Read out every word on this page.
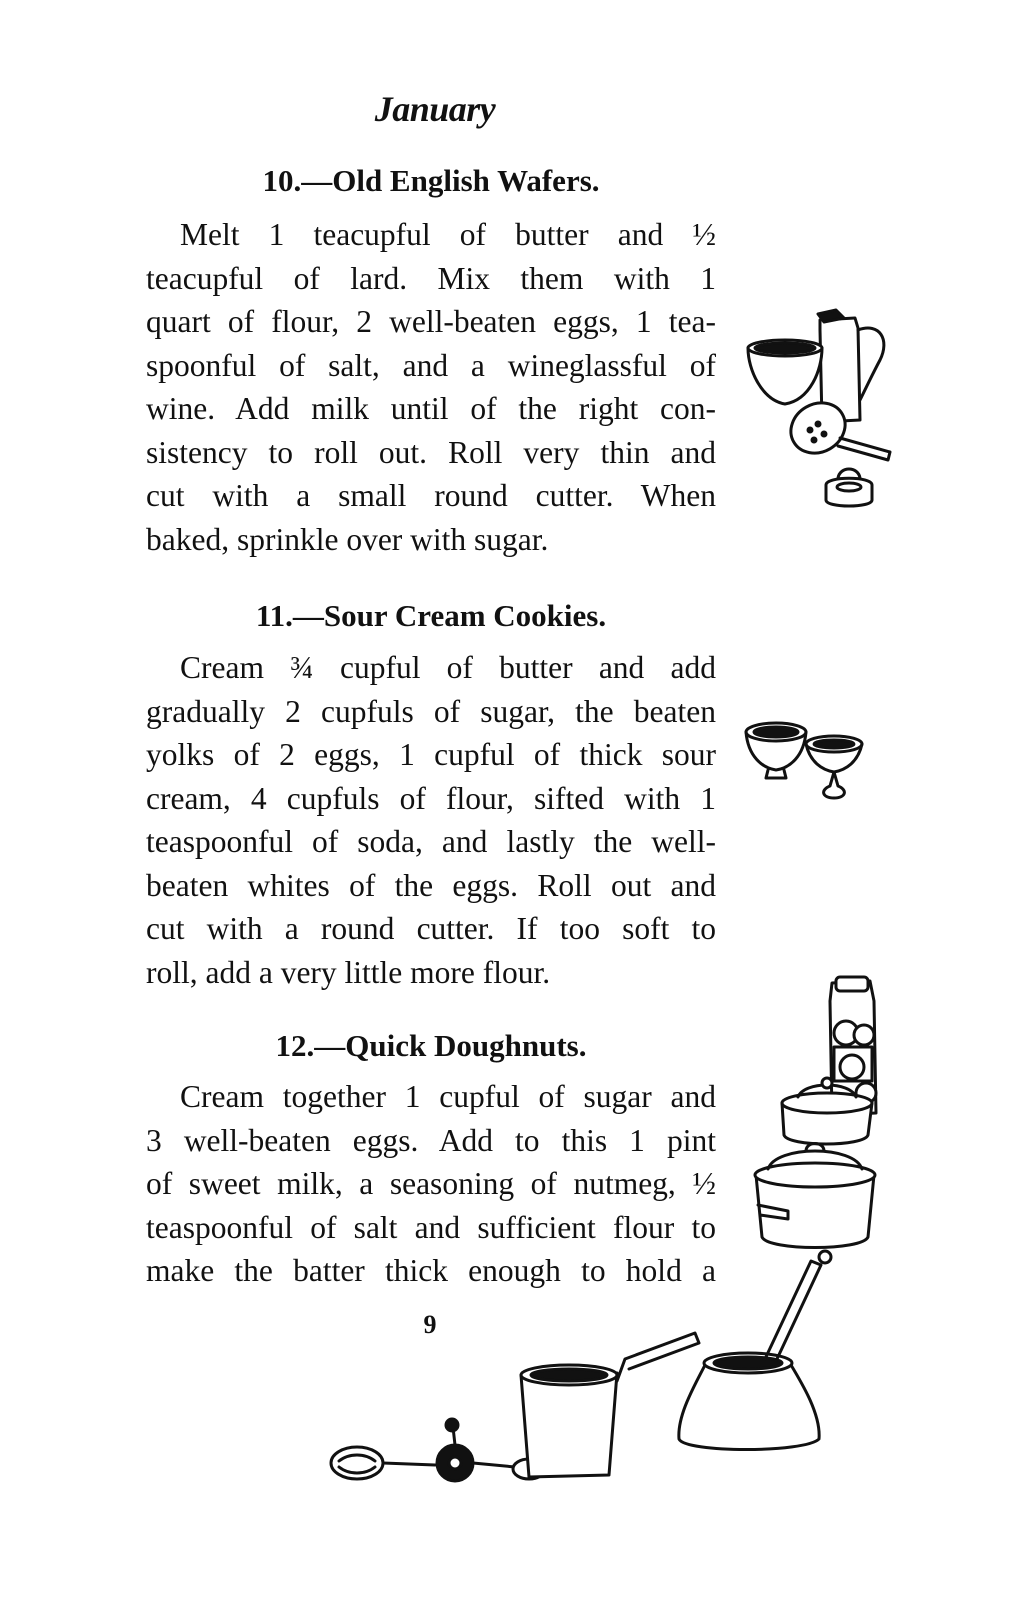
January
10.—Old English Wafers.

Melt 1 teacupful of butter and ½
teacupful of lard. Mix them with 1
quart of flour, 2 well-beaten eggs, 1 tea-
spoonful of salt, and a wineglassful of
wine. Add milk until of the right con-
sistency to roll out. Roll very thin and
cut with a small round cutter. When
baked, sprinkle over with sugar.

11.—Sour Cream Cookies.

Cream ¾ cupful of butter and add
gradually 2 cupfuls of sugar, the beaten
yolks of 2 eggs, 1 cupful of thick sour
cream, 4 cupfuls of flour, sifted with 1
teaspoonful of soda, and lastly the well-
beaten whites of the eggs. Roll out and
cut with a round cutter. If too soft to
roll, add a very little more flour.

12.—Quick Doughnuts.

Cream together 1 cupful of sugar and
3 well-beaten eggs. Add to this 1 pint
of sweet milk, a seasoning of nutmeg, ½
teaspoonful of salt and sufficient flour to
make the batter thick enough to hold a

9
